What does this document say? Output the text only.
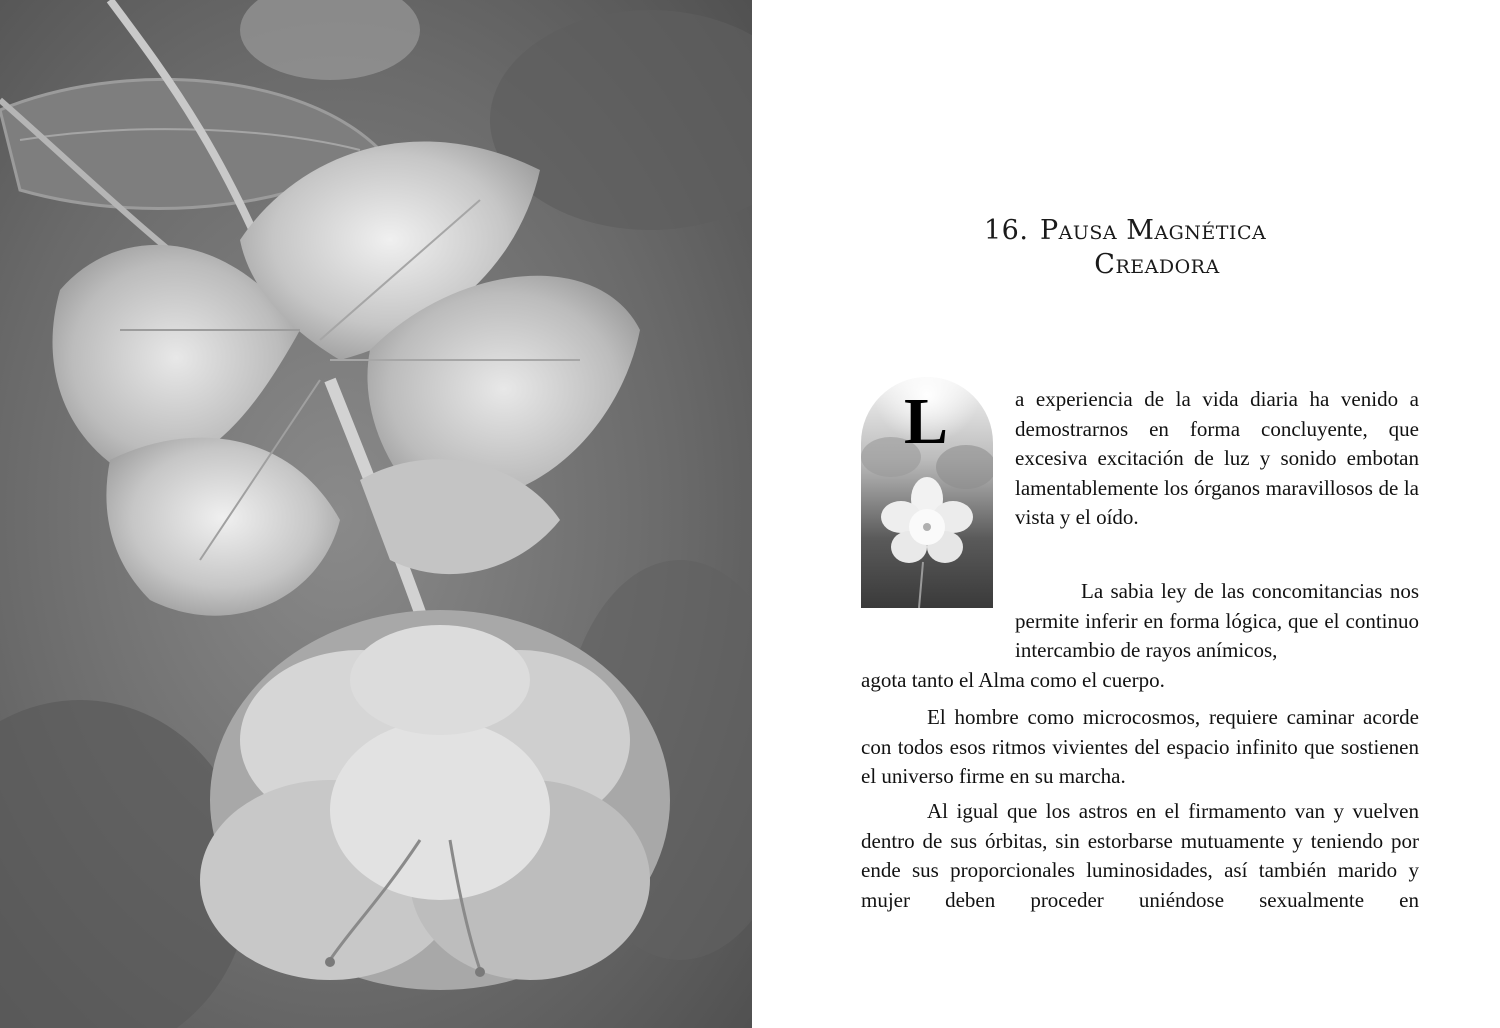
16. Pausa Magnética
Creadora
L	a experiencia de la vida diaria ha venido a demostrarnos en forma concluyente, que excesiva excitación de luz y sonido embotan lamentablemente los órganos maravillosos de la vista y el oído.

La sabia ley de las concomitancias nos permite inferir en forma lógica, que el continuo intercambio de rayos anímicos,

agota tanto el Alma como el cuerpo.

El hombre como microcosmos, requiere caminar acorde con todos esos ritmos vivientes del espacio infinito que sostienen el universo firme en su marcha.

Al igual que los astros en el firmamento van y vuelven dentro de sus órbitas, sin estorbarse mutuamente y teniendo por ende sus proporcionales luminosidades, así también marido y mujer deben proceder uniéndose sexualmente en
